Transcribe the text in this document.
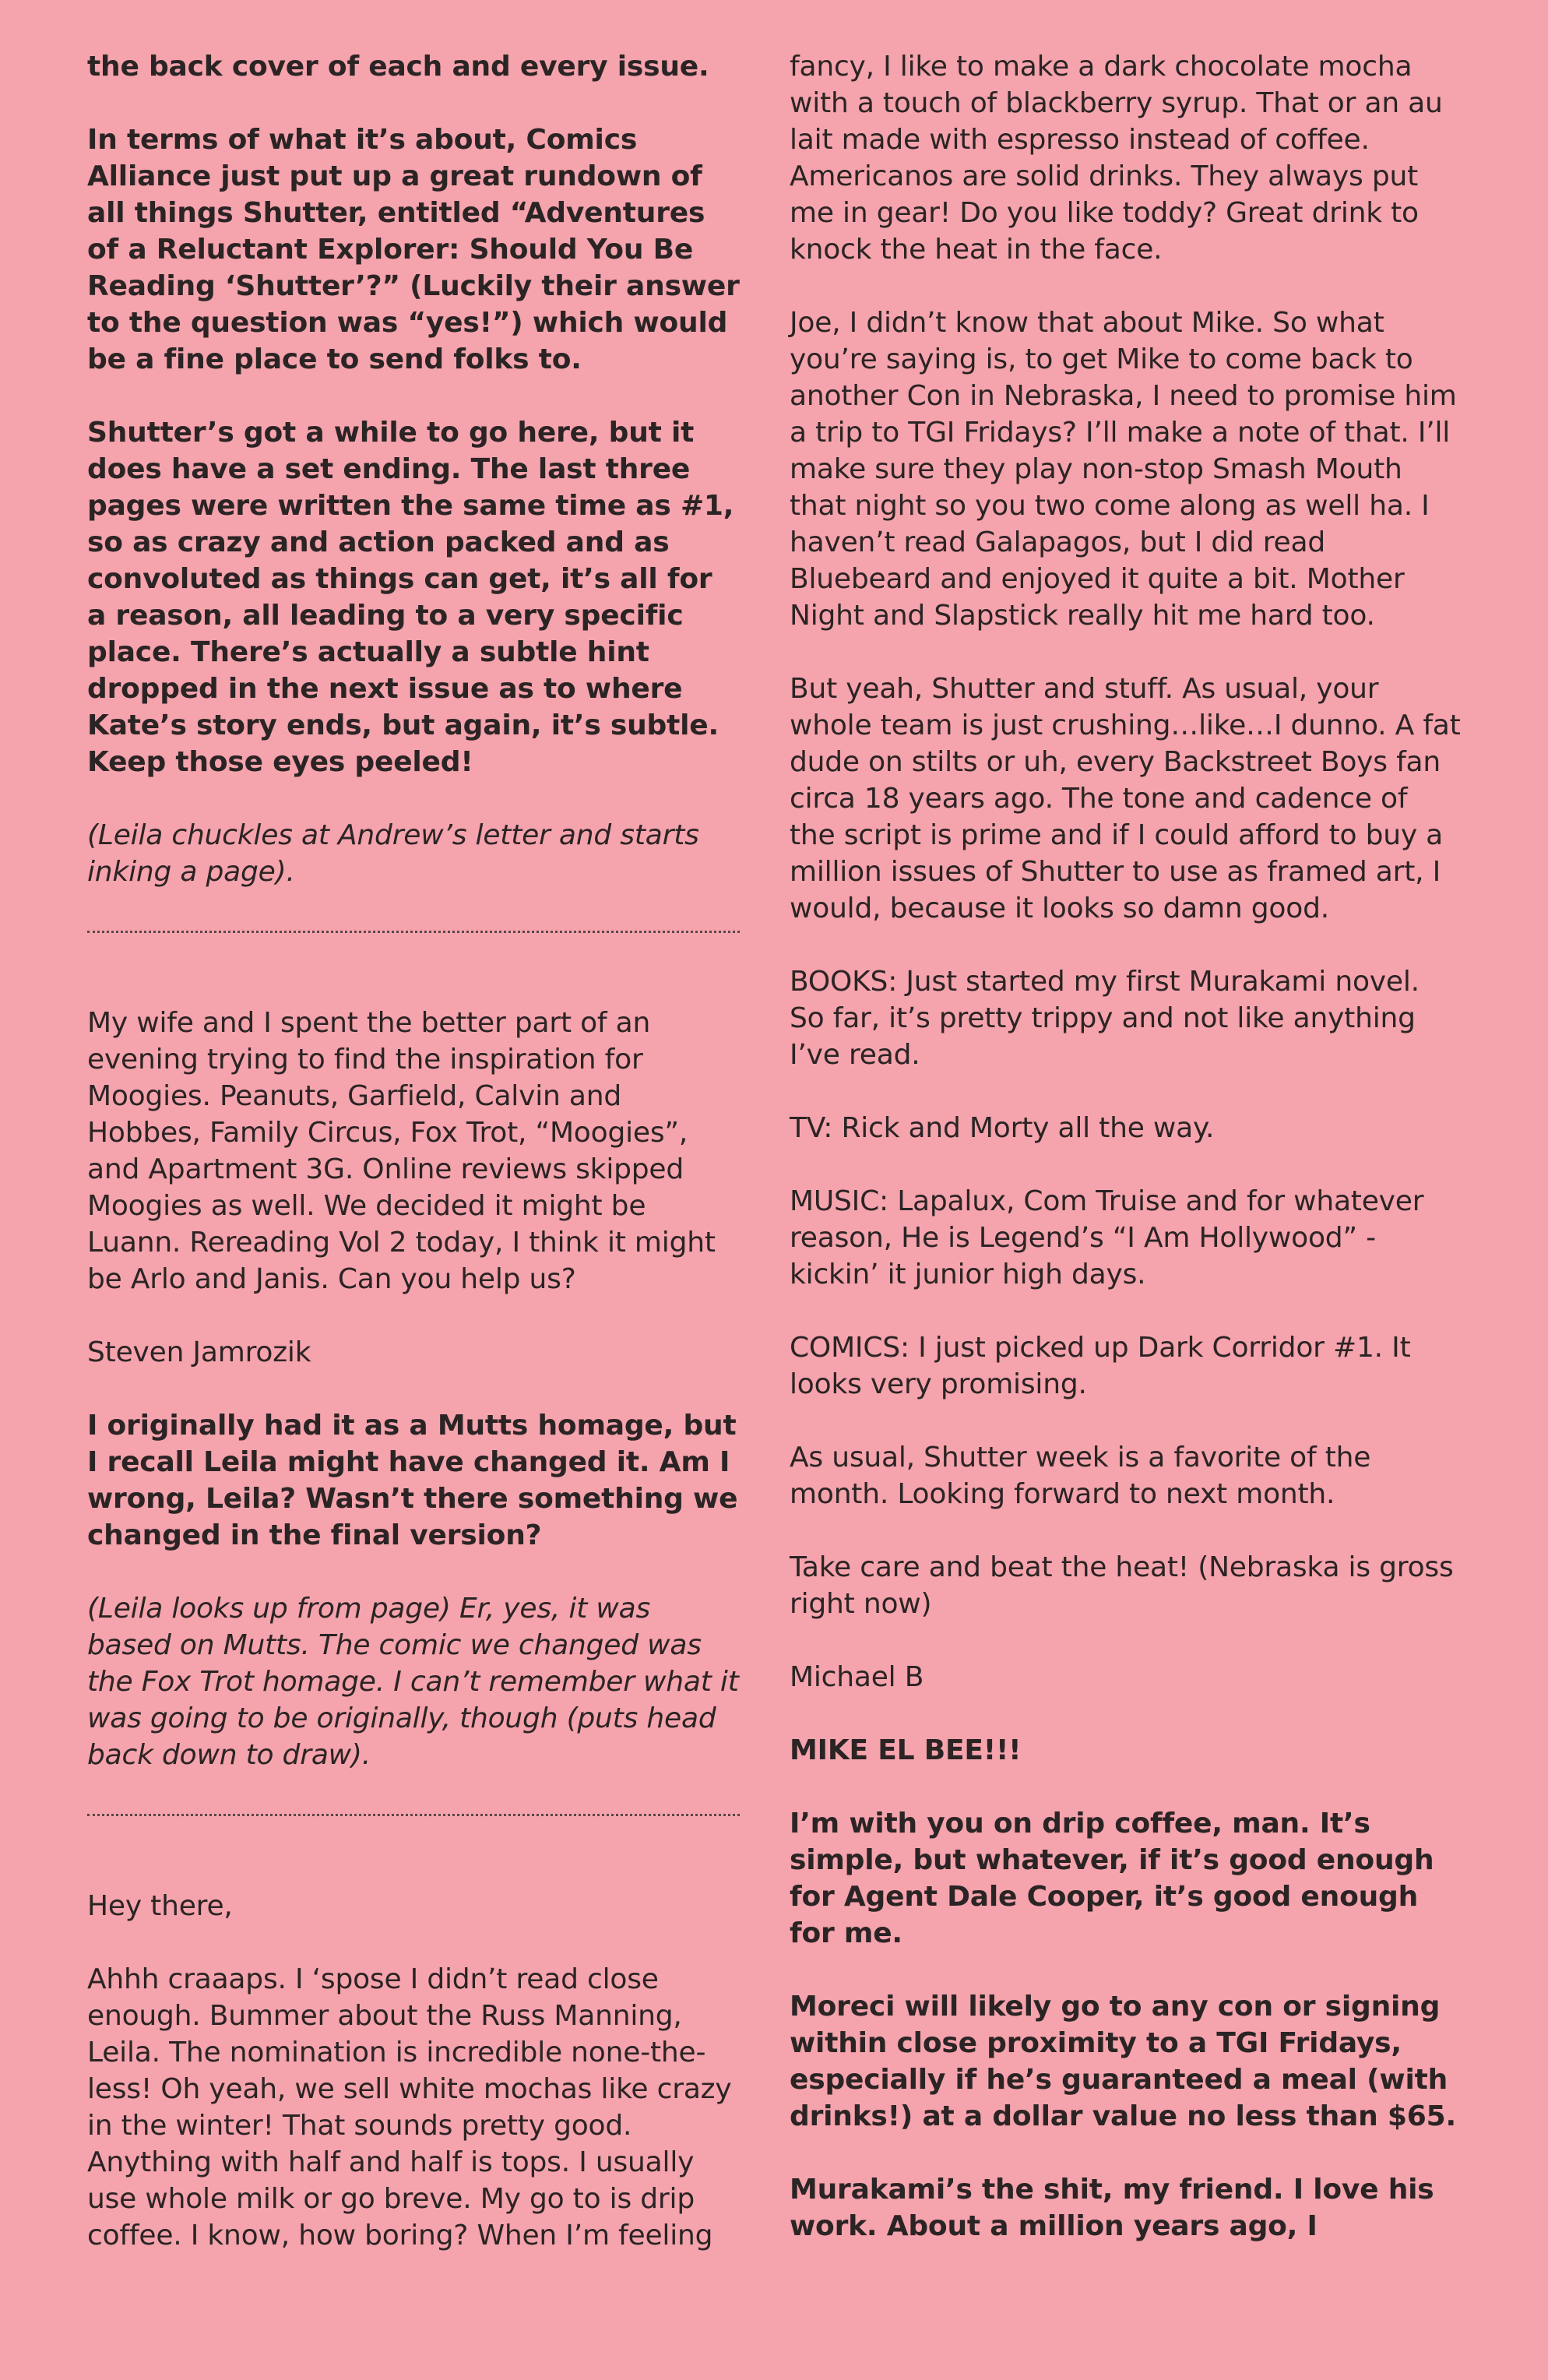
the back cover of each and every issue.

In terms of what it’s about, Comics Alliance just put up a great rundown of all things Shutter, entitled “Adventures of a Reluctant Explorer: Should You Be Reading ‘Shutter’?” (Luckily their answer to the question was “yes!”) which would be a fine place to send folks to.

Shutter’s got a while to go here, but it does have a set ending. The last three pages were written the same time as #1, so as crazy and action packed and as convoluted as things can get, it’s all for a reason, all leading to a very specific place. There’s actually a subtle hint dropped in the next issue as to where Kate’s story ends, but again, it’s subtle. Keep those eyes peeled!

(Leila chuckles at Andrew’s letter and starts inking a page).

My wife and I spent the better part of an evening trying to find the inspiration for Moogies. Peanuts, Garfield, Calvin and Hobbes, Family Circus, Fox Trot, “Moogies”, and Apartment 3G. Online reviews skipped Moogies as well. We decided it might be Luann. Rereading Vol 2 today, I think it might be Arlo and Janis. Can you help us?

Steven Jamrozik

I originally had it as a Mutts homage, but I recall Leila might have changed it. Am I wrong, Leila? Wasn’t there something we changed in the final version?

(Leila looks up from page) Er, yes, it was based on Mutts. The comic we changed was the Fox Trot homage. I can’t remember what it was going to be originally, though (puts head back down to draw).

Hey there,

Ahhh craaaps. I ‘spose I didn’t read close enough. Bummer about the Russ Manning, Leila. The nomination is incredible none-the-less! Oh yeah, we sell white mochas like crazy in the winter! That sounds pretty good. Anything with half and half is tops. I usually use whole milk or go breve. My go to is drip coffee. I know, how boring? When I’m feeling

fancy, I like to make a dark chocolate mocha with a touch of blackberry syrup. That or an au lait made with espresso instead of coffee. Americanos are solid drinks. They always put me in gear! Do you like toddy? Great drink to knock the heat in the face.

Joe, I didn’t know that about Mike. So what you’re saying is, to get Mike to come back to another Con in Nebraska, I need to promise him a trip to TGI Fridays? I’ll make a note of that. I’ll make sure they play non-stop Smash Mouth that night so you two come along as well ha. I haven’t read Galapagos, but I did read Bluebeard and enjoyed it quite a bit. Mother Night and Slapstick really hit me hard too.

But yeah, Shutter and stuff. As usual, your whole team is just crushing…like…I dunno. A fat dude on stilts or uh, every Backstreet Boys fan circa 18 years ago. The tone and cadence of the script is prime and if I could afford to buy a million issues of Shutter to use as framed art, I would, because it looks so damn good.

BOOKS: Just started my first Murakami novel. So far, it’s pretty trippy and not like anything I’ve read.

TV: Rick and Morty all the way.

MUSIC: Lapalux, Com Truise and for whatever reason, He is Legend’s “I Am Hollywood” - kickin’ it junior high days.

COMICS: I just picked up Dark Corridor #1. It looks very promising.

As usual, Shutter week is a favorite of the month. Looking forward to next month.

Take care and beat the heat! (Nebraska is gross right now)

Michael B

MIKE EL BEE!!!

I’m with you on drip coffee, man. It’s simple, but whatever, if it’s good enough for Agent Dale Cooper, it’s good enough for me.

Moreci will likely go to any con or signing within close proximity to a TGI Fridays, especially if he’s guaranteed a meal (with drinks!) at a dollar value no less than $65.

Murakami’s the shit, my friend. I love his work. About a million years ago, I
